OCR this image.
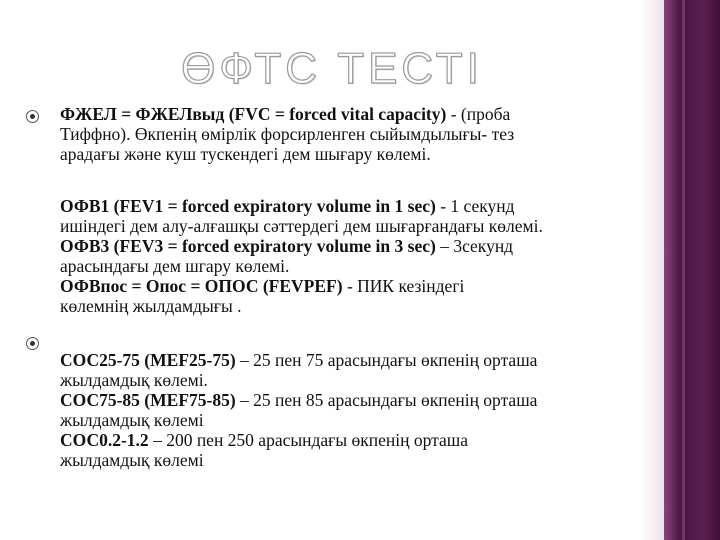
ӨФТС ТЕСТІ
ФЖЕЛ = ФЖЕЛвыд (FVC = forced vital capacity) - (проба
Тиффно). Өкпенің өмірлік форсирленген сыйымдылығы- тез
арадағы және куш тускендегі дем шығару көлемі.
ОФВ1 (FEV1 = forced expiratory volume in 1 sec) - 1 секунд
ишіндегі дем алу-алғашқы сәттердегі дем шығарғандағы көлемі.
ОФВ3 (FEV3 = forced expiratory volume in 3 sec) – 3секунд
арасындағы дем шгару көлемі.
ОФВпос = Опос = ОПОС (FEVPEF) - ПИК кезіндегі
көлемнің жылдамдығы .
СОС25-75 (МЕF25-75) – 25 пен 75 арасындағы өкпенің орташа
жылдамдық көлемі.
СОС75-85 (МЕF75-85) – 25 пен 85 арасындағы өкпенің орташа
жылдамдық көлемі
СОС0.2-1.2 – 200 пен 250 арасындағы өкпенің орташа
жылдамдық көлемі
